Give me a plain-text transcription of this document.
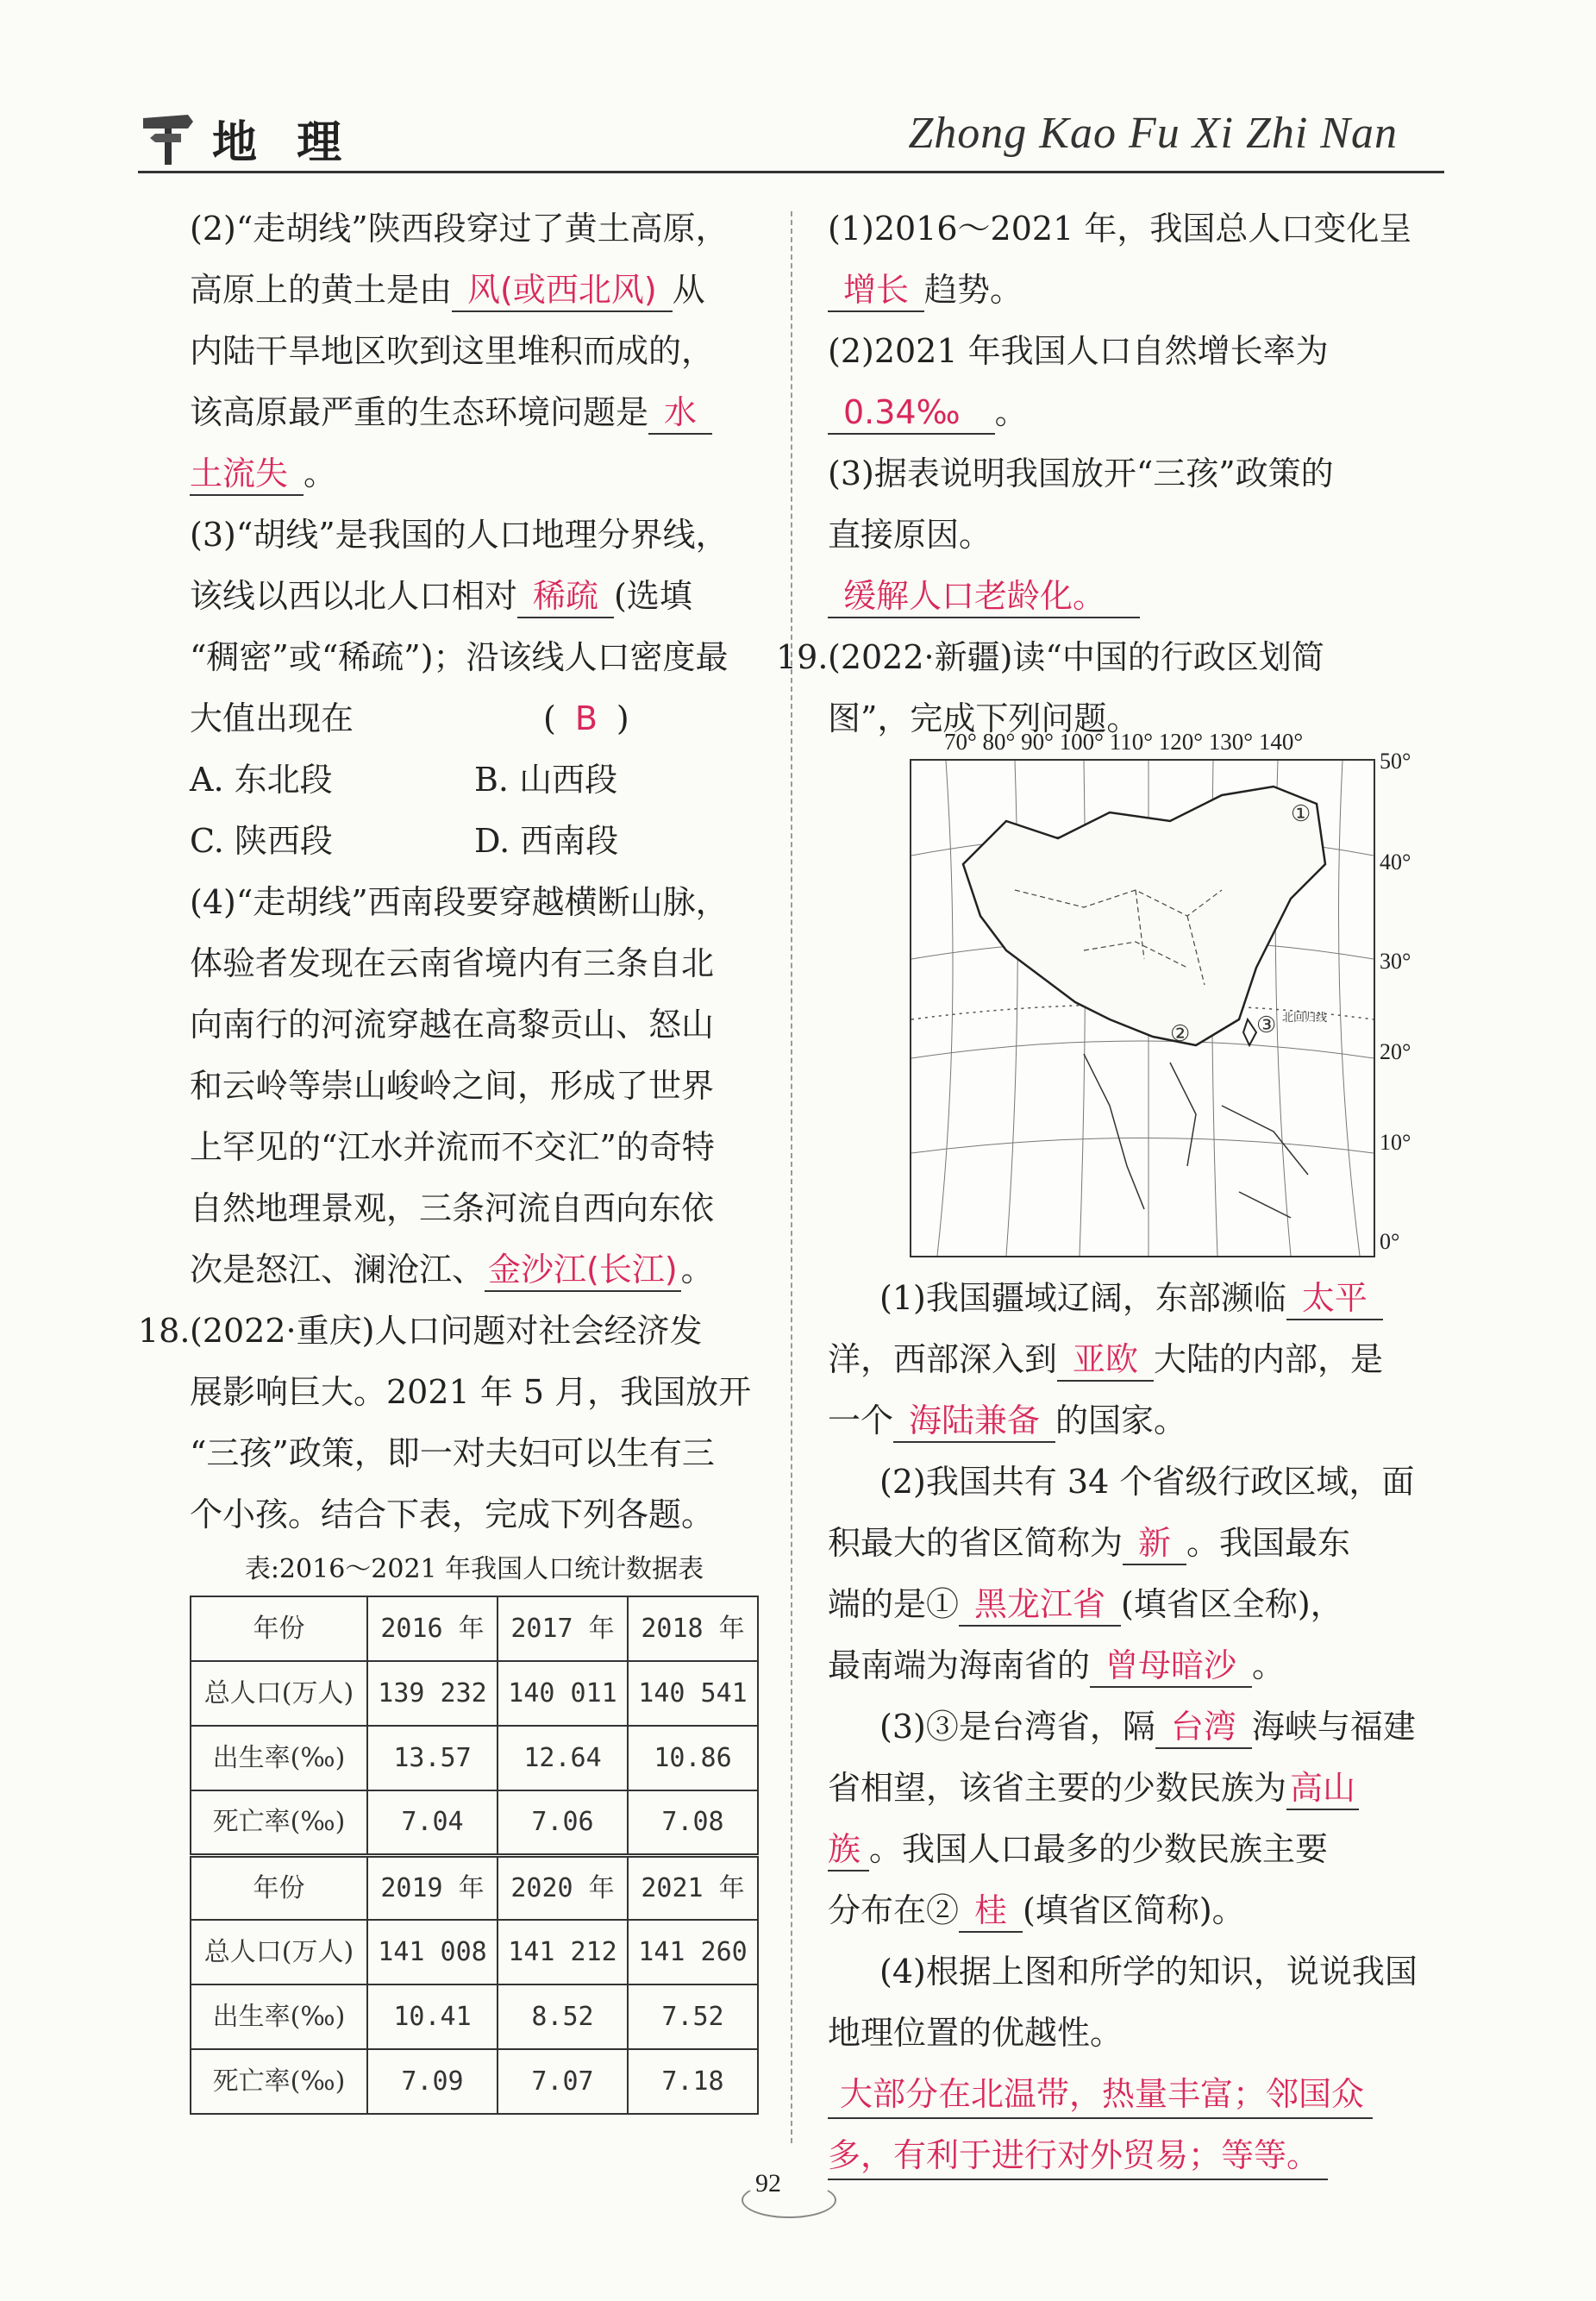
地 理	Zhong Kao Fu Xi Zhi Nan
(2)“走胡线”陕西段穿过了黄土高原，
高原上的黄土是由 风(或西北风) 从
内陆干旱地区吹到这里堆积而成的，
该高原最严重的生态环境问题是 水
土流失 。
(3)“胡线”是我国的人口地理分界线，
该线以西以北人口相对 稀疏 (选填
“稠密”或“稀疏”)；沿该线人口密度最
大值出现在	( B )
A. 东北段	B. 山西段
C. 陕西段	D. 西南段
(4)“走胡线”西南段要穿越横断山脉，
体验者发现在云南省境内有三条自北
向南行的河流穿越在高黎贡山、怒山
和云岭等崇山峻岭之间，形成了世界
上罕见的“江水并流而不交汇”的奇特
自然地理景观，三条河流自西向东依
次是怒江、澜沧江、 金沙江(长江) 。
18.(2022·重庆)人口问题对社会经济发
展影响巨大。2021 年 5 月，我国放开
“三孩”政策，即一对夫妇可以生有三
个小孩。结合下表，完成下列各题。
表:2016～2021 年我国人口统计数据表
年份	2016 年	2017 年	2018 年
总人口(万人)	139 232	140 011	140 541
出生率(‰)	13.57	12.64	10.86
死亡率(‰)	7.04	7.06	7.08
年份	2019 年	2020 年	2021 年
总人口(万人)	141 008	141 212	141 260
出生率(‰)	10.41	8.52	7.52
死亡率(‰)	7.09	7.07	7.18
(1)2016～2021 年，我国总人口变化呈
增长 趋势。
(2)2021 年我国人口自然增长率为
0.34‰ 。
(3)据表说明我国放开“三孩”政策的
直接原因。
缓解人口老龄化。
19.(2022·新疆)读“中国的行政区划简
图”，完成下列问题。
70° 80° 90° 100° 110° 120° 130° 140°
①
②	③ 北回归线
50°
40°
30°
20°
10°
0°
(1)我国疆域辽阔，东部濒临 太平
洋，西部深入到 亚欧 大陆的内部，是
一个 海陆兼备 的国家。
(2)我国共有 34 个省级行政区域，面
积最大的省区简称为 新 。我国最东
端的是① 黑龙江省 (填省区全称)，
最南端为海南省的 曾母暗沙 。
(3)③是台湾省，隔 台湾 海峡与福建
省相望，该省主要的少数民族为 高山
族 。我国人口最多的少数民族主要
分布在② 桂 (填省区简称)。
(4)根据上图和所学的知识，说说我国
地理位置的优越性。
大部分在北温带，热量丰富；邻国众
多，有利于进行对外贸易；等等。
92
